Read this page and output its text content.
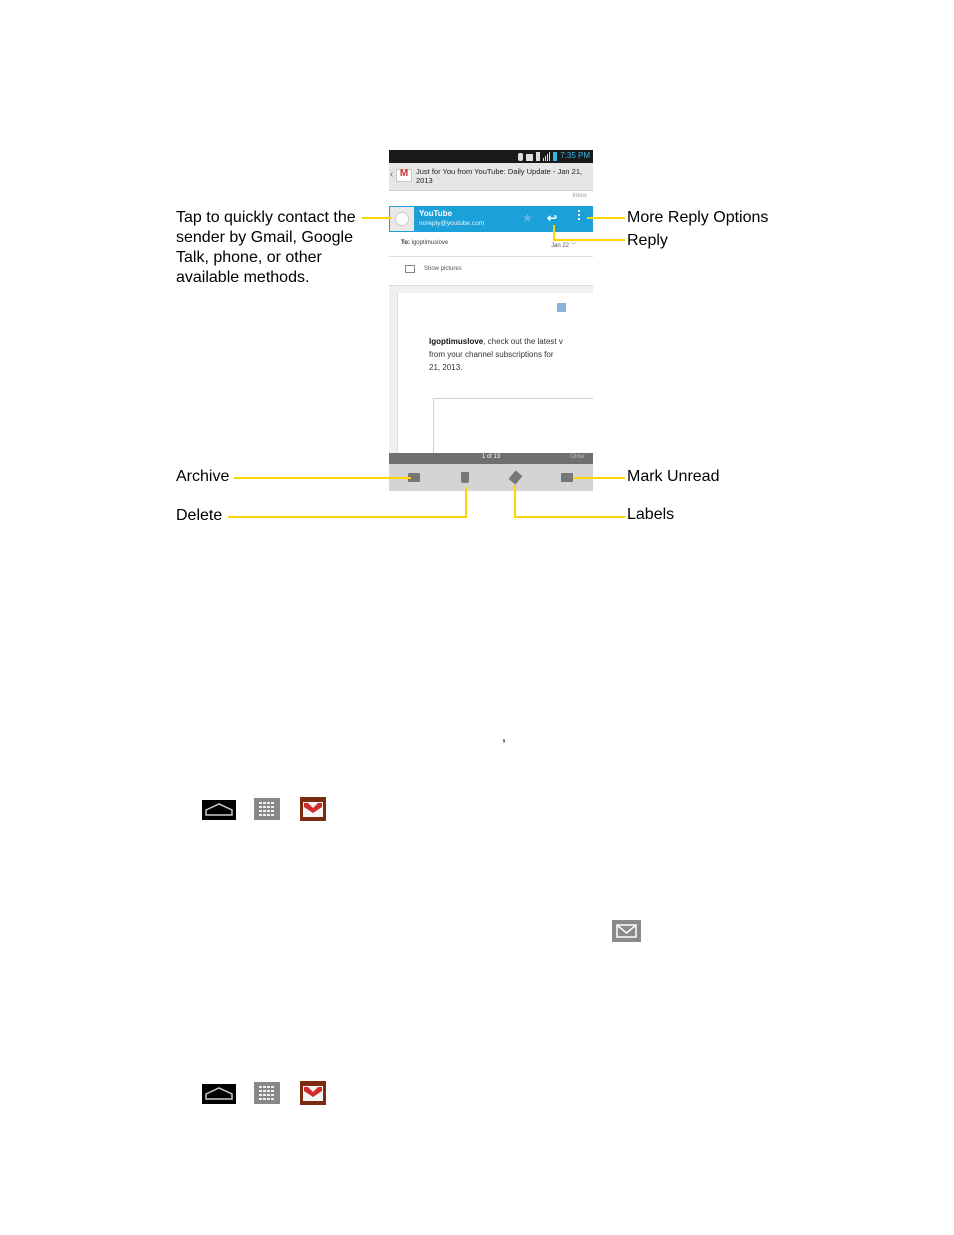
7:35 PM
‹ M	Just for You from YouTube: Daily Update - Jan 21, 2013
Inbox
YouTube
noreply@youtube.com	★ ↩
To: lgoptimuslove	Jan 22 ﹀
Show pictures
lgoptimuslove, check out the latest v
from your channel subscriptions for
21, 2013.
1 of 13	Older
Tap to quickly contact the
sender by Gmail, Google
Talk, phone, or other
available methods.
More Reply Options
Reply
Archive	Mark Unread
Delete	Labels
,
